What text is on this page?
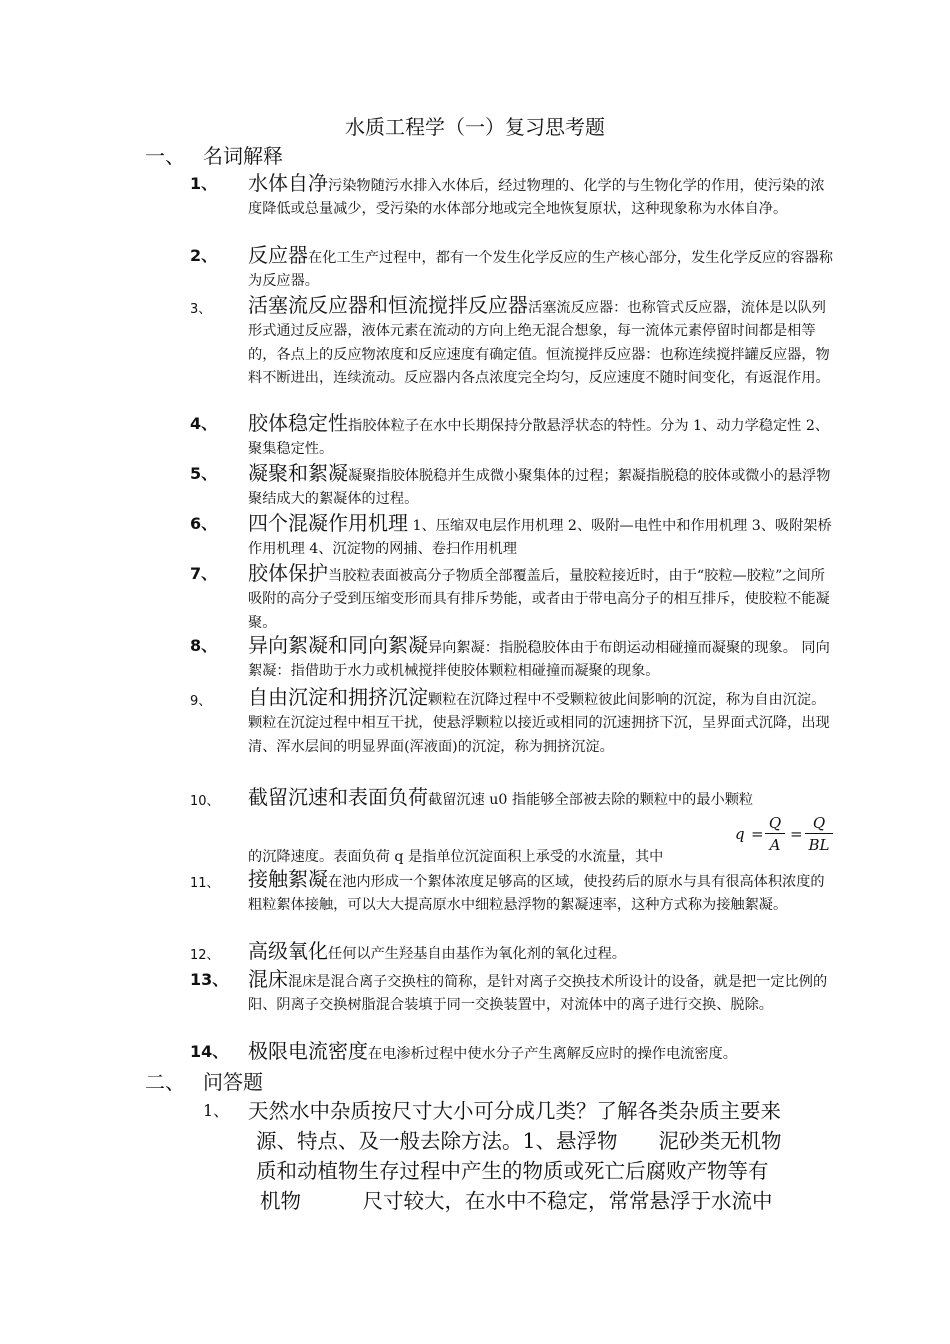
水质工程学（一）复习思考题
一、 名词解释
1、 水体自净污染物随污水排入水体后，经过物理的、化学的与生物化学的作用，使污染的浓度降低或总量减少，受污染的水体部分地或完全地恢复原状，这种现象称为水体自净。
2、 反应器在化工生产过程中，都有一个发生化学反应的生产核心部分，发生化学反应的容器称为反应器。
3、 活塞流反应器和恒流搅拌反应器活塞流反应器：也称管式反应器，流体是以队列形式通过反应器，液体元素在流动的方向上绝无混合想象，每一流体元素停留时间都是相等的，各点上的反应物浓度和反应速度有确定值。恒流搅拌反应器：也称连续搅拌罐反应器，物料不断进出，连续流动。反应器内各点浓度完全均匀，反应速度不随时间变化，有返混作用。
4、 胶体稳定性指胶体粒子在水中长期保持分散悬浮状态的特性。分为 1、动力学稳定性 2、聚集稳定性。
5、 凝聚和絮凝凝聚指胶体脱稳并生成微小聚集体的过程；絮凝指脱稳的胶体或微小的悬浮物聚结成大的絮凝体的过程。
6、 四个混凝作用机理 1、压缩双电层作用机理 2、吸附—电性中和作用机理 3、吸附架桥作用机理 4、沉淀物的网捕、卷扫作用机理
7、 胶体保护当胶粒表面被高分子物质全部覆盖后，量胶粒接近时，由于“胶粒—胶粒”之间所吸附的高分子受到压缩变形而具有排斥势能，或者由于带电高分子的相互排斥，使胶粒不能凝聚。
8、 异向絮凝和同向絮凝异向絮凝：指脱稳胶体由于布朗运动相碰撞而凝聚的现象。 同向絮凝：指借助于水力或机械搅拌使胶体颗粒相碰撞而凝聚的现象。
9、 自由沉淀和拥挤沉淀颗粒在沉降过程中不受颗粒彼此间影响的沉淀，称为自由沉淀。颗粒在沉淀过程中相互干扰，使悬浮颗粒以接近或相同的沉速拥挤下沉，呈界面式沉降，出现清、浑水层间的明显界面(浑液面)的沉淀，称为拥挤沉淀。
10、 截留沉速和表面负荷截留沉速 u0 指能够全部被去除的颗粒中的最小颗粒
的沉降速度。表面负荷 q 是指单位沉淀面积上承受的水流量，其中
$q = \frac{Q}{A} = \frac{Q}{BL}$
11、 接触絮凝在池内形成一个絮体浓度足够高的区域，使投药后的原水与具有很高体积浓度的粗粒絮体接触，可以大大提高原水中细粒悬浮物的絮凝速率，这种方式称为接触絮凝。
12、 高级氧化任何以产生羟基自由基作为氧化剂的氧化过程。
13、 混床混床是混合离子交换柱的简称，是针对离子交换技术所设计的设备，就是把一定比例的阳、阴离子交换树脂混合装填于同一交换装置中，对流体中的离子进行交换、脱除。
14、 极限电流密度在电渗析过程中使水分子产生离解反应时的操作电流密度。
二、 问答题
1、 天然水中杂质按尺寸大小可分成几类？了解各类杂质主要来
源、特点、及一般去除方法。1、悬浮物　　泥砂类无机物
质和动植物生存过程中产生的物质或死亡后腐败产物等有
机物　　　尺寸较大，在水中不稳定，常常悬浮于水流中
